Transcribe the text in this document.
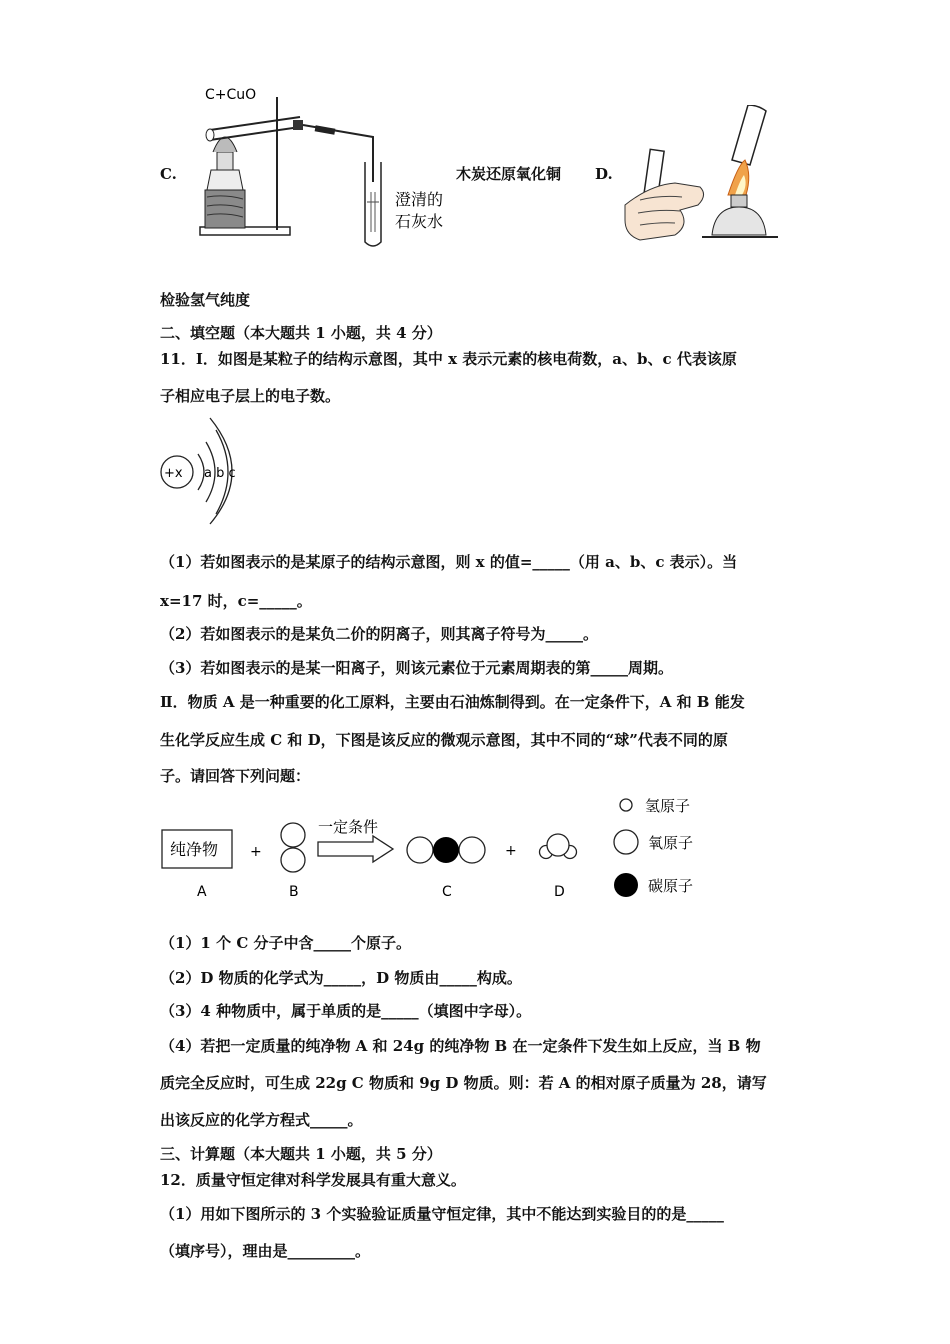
C.
C+CuO
澄清的
石灰水
木炭还原氧化铜 D.
检验氢气纯度
二、填空题（本大题共 1 小题，共 4 分）
11．Ⅰ．如图是某粒子的结构示意图，其中 x 表示元素的核电荷数，a、b、c 代表该原
子相应电子层上的电子数。
+x a b c
（1）若如图表示的是某原子的结构示意图，则 x 的值=_____（用 a、b、c 表示）。当
x=17 时，c=_____。
（2）若如图表示的是某负二价的阴离子，则其离子符号为_____。
（3）若如图表示的是某一阳离子，则该元素位于元素周期表的第_____周期。
Ⅱ．物质 A 是一种重要的化工原料，主要由石油炼制得到。在一定条件下，A 和 B 能发
生化学反应生成 C 和 D，下图是该反应的微观示意图，其中不同的“球”代表不同的原
子。请回答下列问题：
纯净物 +
一定条件
+
A	B	C	D
氢原子
氧原子
碳原子
（1）1 个 C 分子中含_____个原子。
（2）D 物质的化学式为_____，D 物质由_____构成。
（3）4 种物质中，属于单质的是_____（填图中字母）。
（4）若把一定质量的纯净物 A 和 24g 的纯净物 B 在一定条件下发生如上反应，当 B 物
质完全反应时，可生成 22g C 物质和 9g D 物质。则：若 A 的相对原子质量为 28，请写
出该反应的化学方程式_____。
三、计算题（本大题共 1 小题，共 5 分）
12．质量守恒定律对科学发展具有重大意义。
（1）用如下图所示的 3 个实验验证质量守恒定律，其中不能达到实验目的的是_____
（填序号），理由是_________。
